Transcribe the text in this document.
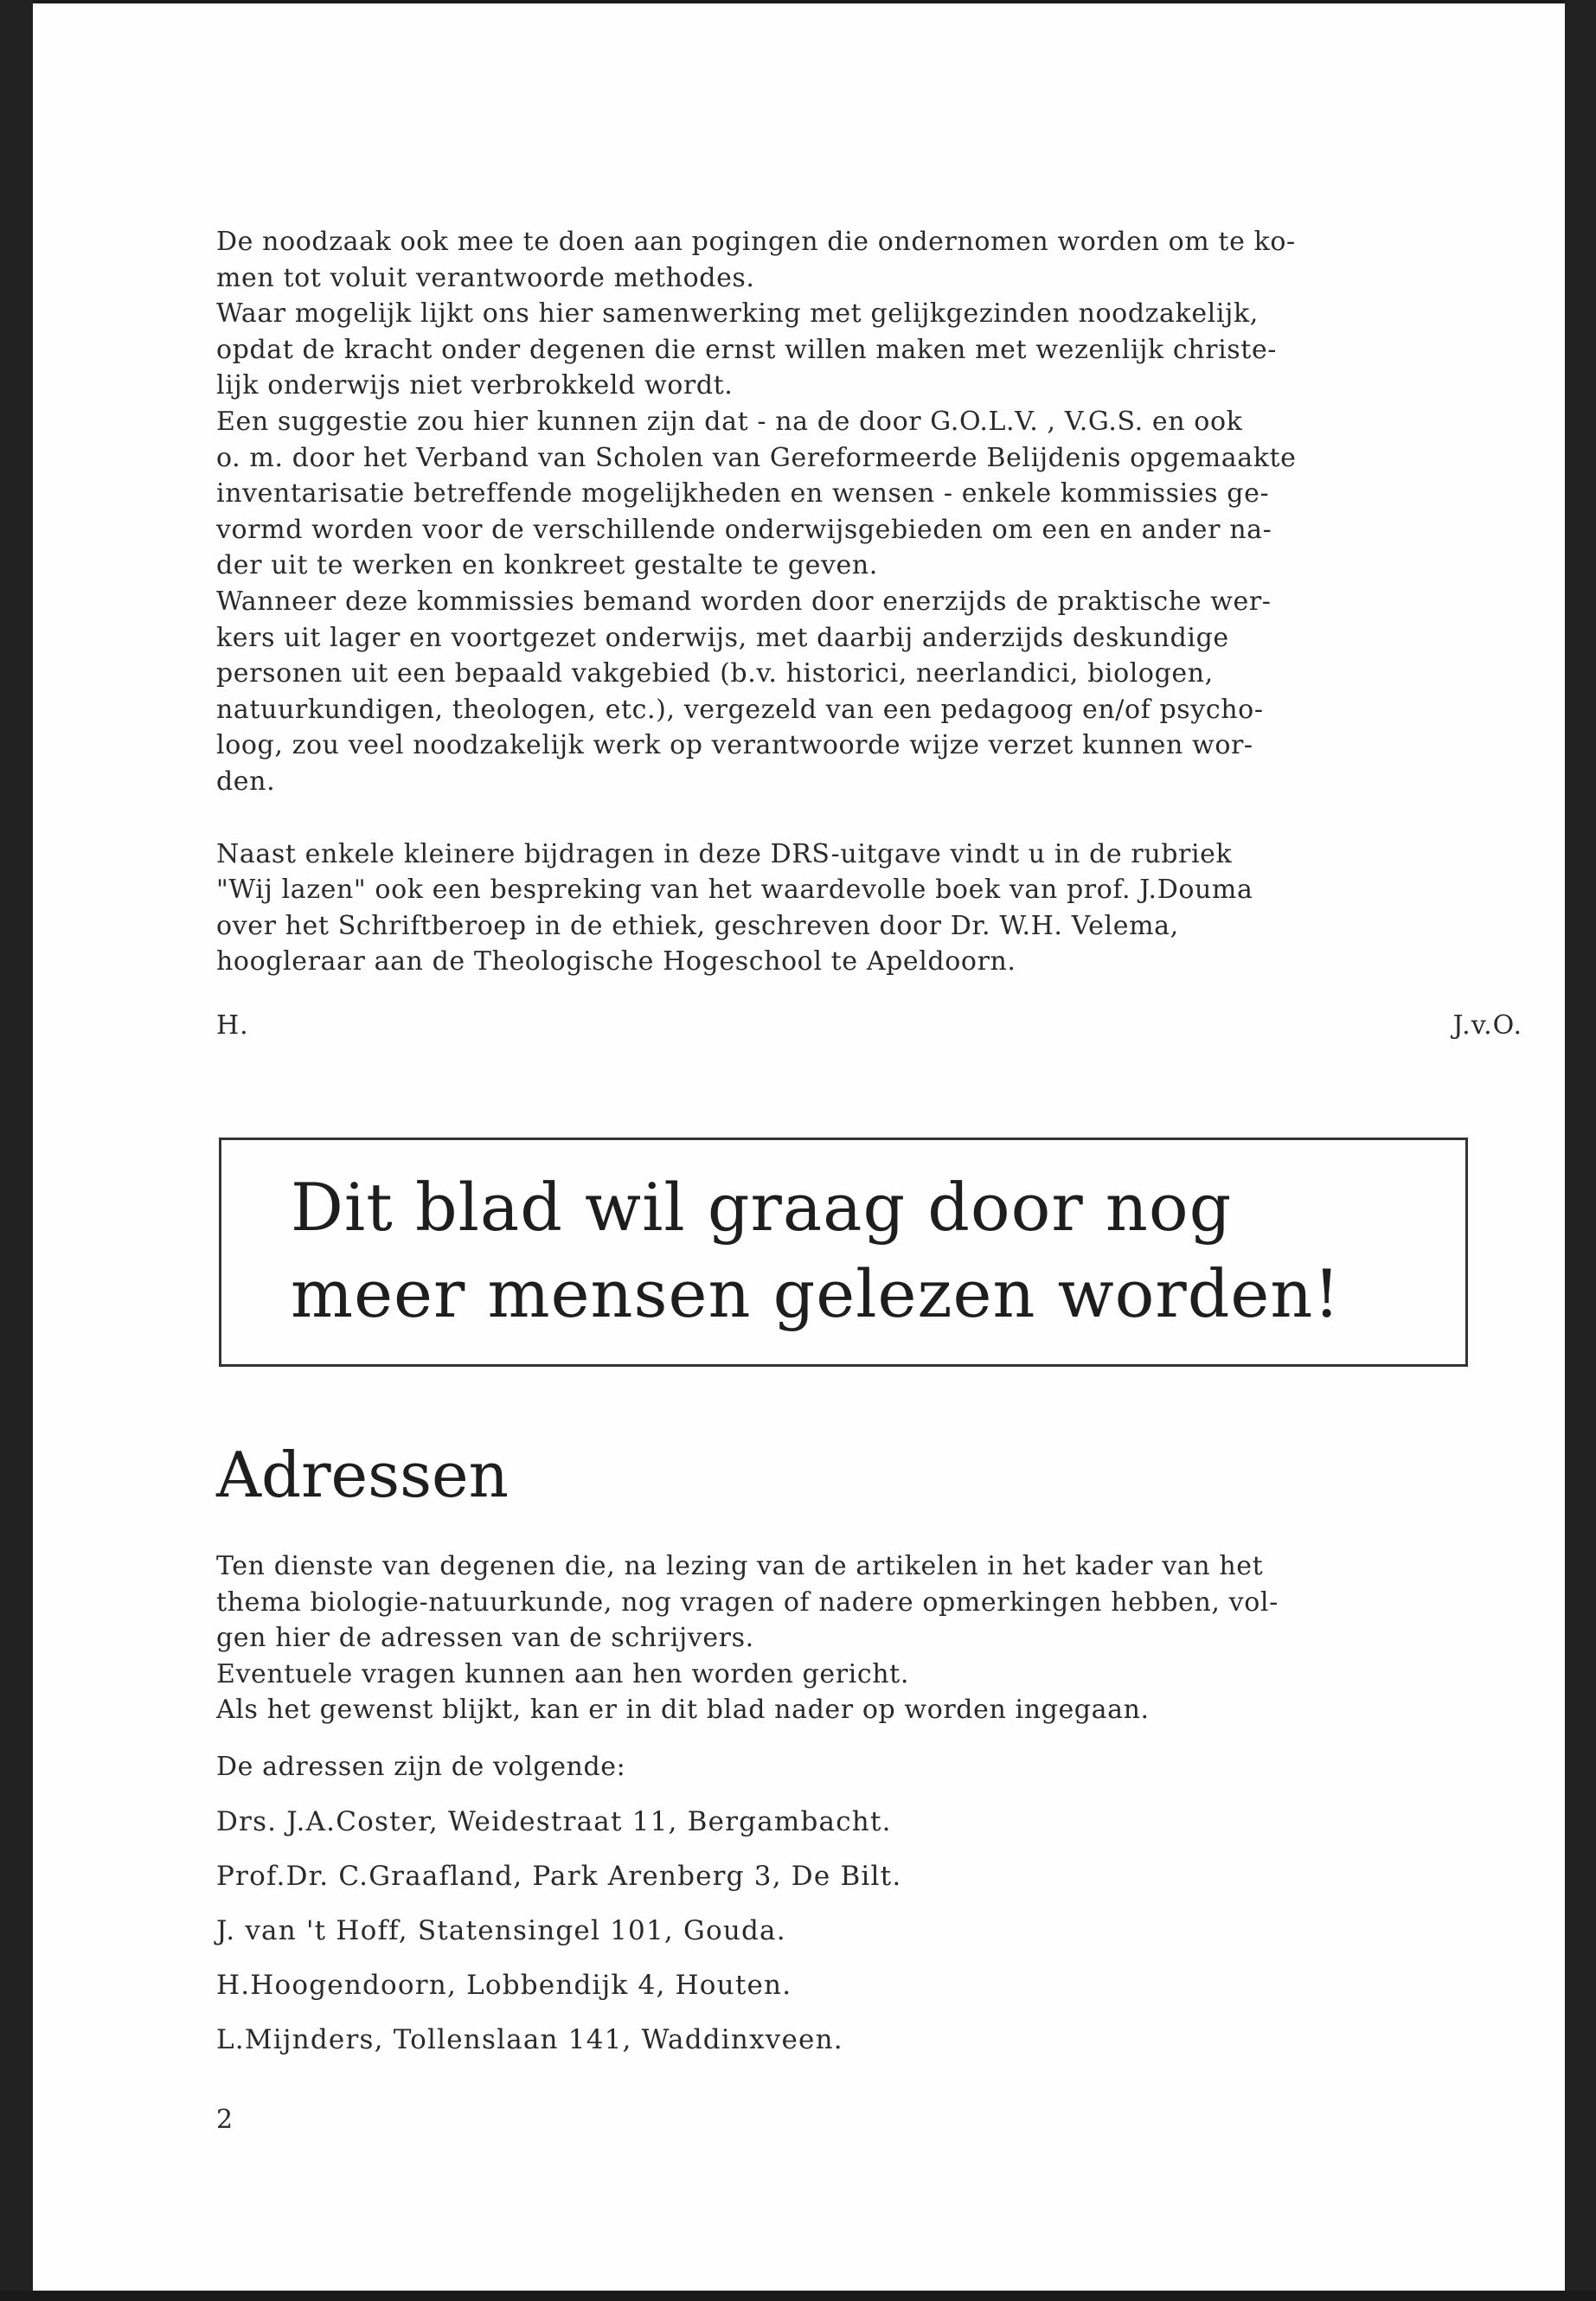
De noodzaak ook mee te doen aan pogingen die ondernomen worden om te ko-

men tot voluit verantwoorde methodes.

Waar mogelijk lijkt ons hier samenwerking met gelijkgezinden noodzakelijk,

opdat de kracht onder degenen die ernst willen maken met wezenlijk christe-

lijk onderwijs niet verbrokkeld wordt.

Een suggestie zou hier kunnen zijn dat - na de door G.O.L.V. , V.G.S. en ook

o. m. door het Verband van Scholen van Gereformeerde Belijdenis opgemaakte

inventarisatie betreffende mogelijkheden en wensen - enkele kommissies ge-

vormd worden voor de verschillende onderwijsgebieden om een en ander na-

der uit te werken en konkreet gestalte te geven.

Wanneer deze kommissies bemand worden door enerzijds de praktische wer-

kers uit lager en voortgezet onderwijs, met daarbij anderzijds deskundige

personen uit een bepaald vakgebied (b.v. historici, neerlandici, biologen,

natuurkundigen, theologen, etc.), vergezeld van een pedagoog en/of psycho-

loog, zou veel noodzakelijk werk op verantwoorde wijze verzet kunnen wor-

den.

Naast enkele kleinere bijdragen in deze DRS-uitgave vindt u in de rubriek

"Wij lazen" ook een bespreking van het waardevolle boek van prof. J.Douma

over het Schriftberoep in de ethiek, geschreven door Dr. W.H. Velema,

hoogleraar aan de Theologische Hogeschool te Apeldoorn.

H.	J.v.O.
Dit blad wil graag door nog
meer mensen gelezen worden!
Adressen

Ten dienste van degenen die, na lezing van de artikelen in het kader van het

thema biologie-natuurkunde, nog vragen of nadere opmerkingen hebben, vol-

gen hier de adressen van de schrijvers.

Eventuele vragen kunnen aan hen worden gericht.

Als het gewenst blijkt, kan er in dit blad nader op worden ingegaan.

De adressen zijn de volgende:

Drs. J.A.Coster, Weidestraat 11, Bergambacht.
Prof.Dr. C.Graafland, Park Arenberg 3, De Bilt.
J. van 't Hoff, Statensingel 101, Gouda.
H.Hoogendoorn, Lobbendijk 4, Houten.
L.Mijnders, Tollenslaan 141, Waddinxveen.

2
